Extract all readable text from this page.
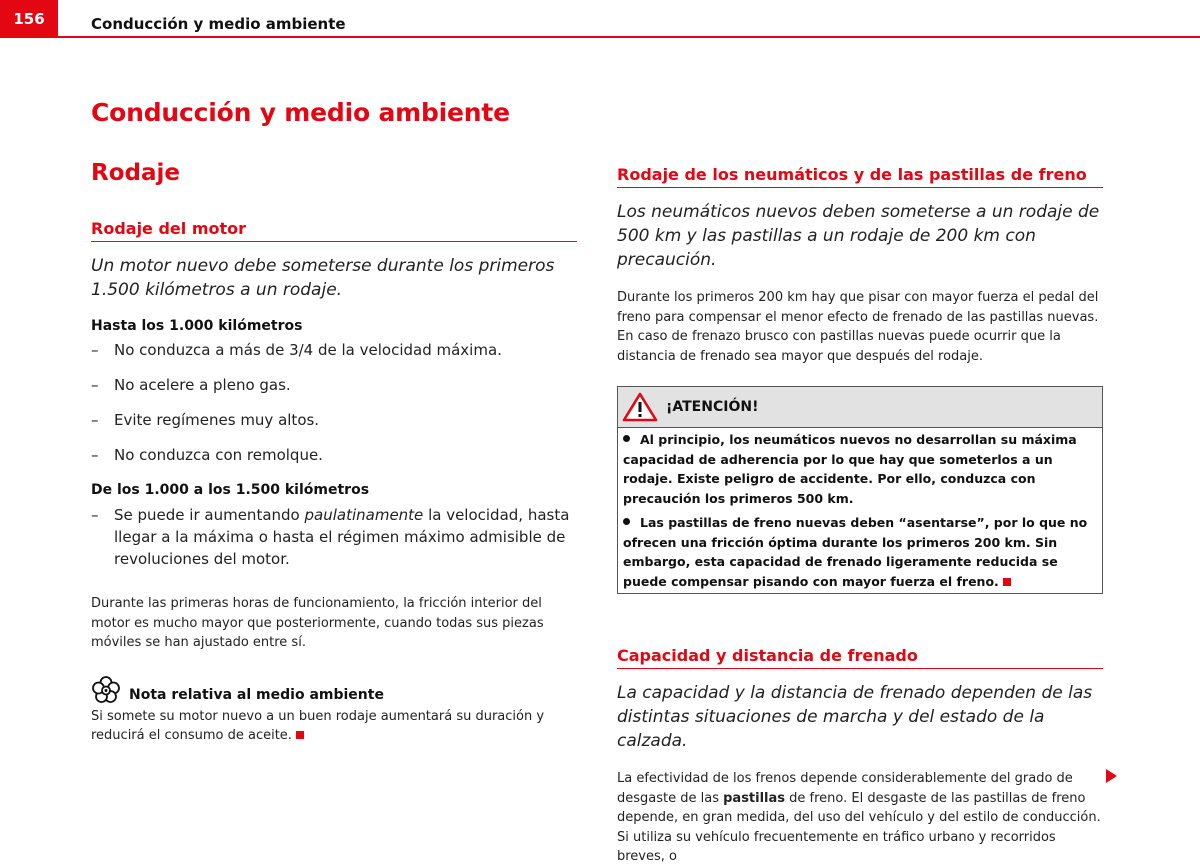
156	Conducción y medio ambiente
Conducción y medio ambiente
Rodaje
Rodaje del motor

Un motor nuevo debe someterse durante los primeros 1.500 kilómetros a un rodaje.

Hasta los 1.000 kilómetros

– No conduzca a más de 3/4 de la velocidad máxima.

– No acelere a pleno gas.

– Evite regímenes muy altos.

– No conduzca con remolque.

De los 1.000 a los 1.500 kilómetros

– Se puede ir aumentando paulatinamente la velocidad, hasta llegar a la máxima o hasta el régimen máximo admisible de revoluciones del motor.

Durante las primeras horas de funcionamiento, la fricción interior del motor es mucho mayor que posteriormente, cuando todas sus piezas móviles se han ajustado entre sí.

Nota relativa al medio ambiente

Si somete su motor nuevo a un buen rodaje aumentará su duración y reducirá el consumo de aceite.

Rodaje de los neumáticos y de las pastillas de freno

Los neumáticos nuevos deben someterse a un rodaje de 500 km y las pastillas a un rodaje de 200 km con precaución.

Durante los primeros 200 km hay que pisar con mayor fuerza el pedal del freno para compensar el menor efecto de frenado de las pastillas nuevas. En caso de frenazo brusco con pastillas nuevas puede ocurrir que la distancia de frenado sea mayor que después del rodaje.

¡ATENCIÓN!

Al principio, los neumáticos nuevos no desarrollan su máxima capacidad de adherencia por lo que hay que someterlos a un rodaje. Existe peligro de accidente. Por ello, conduzca con precaución los primeros 500 km.

Las pastillas de freno nuevas deben “asentarse”, por lo que no ofrecen una fricción óptima durante los primeros 200 km. Sin embargo, esta capacidad de frenado ligeramente reducida se puede compensar pisando con mayor fuerza el freno.

Capacidad y distancia de frenado

La capacidad y la distancia de frenado dependen de las distintas situaciones de marcha y del estado de la calzada.

La efectividad de los frenos depende considerablemente del grado de desgaste de las pastillas de freno. El desgaste de las pastillas de freno depende, en gran medida, del uso del vehículo y del estilo de conducción. Si utiliza su vehículo frecuentemente en tráfico urbano y recorridos breves, o
